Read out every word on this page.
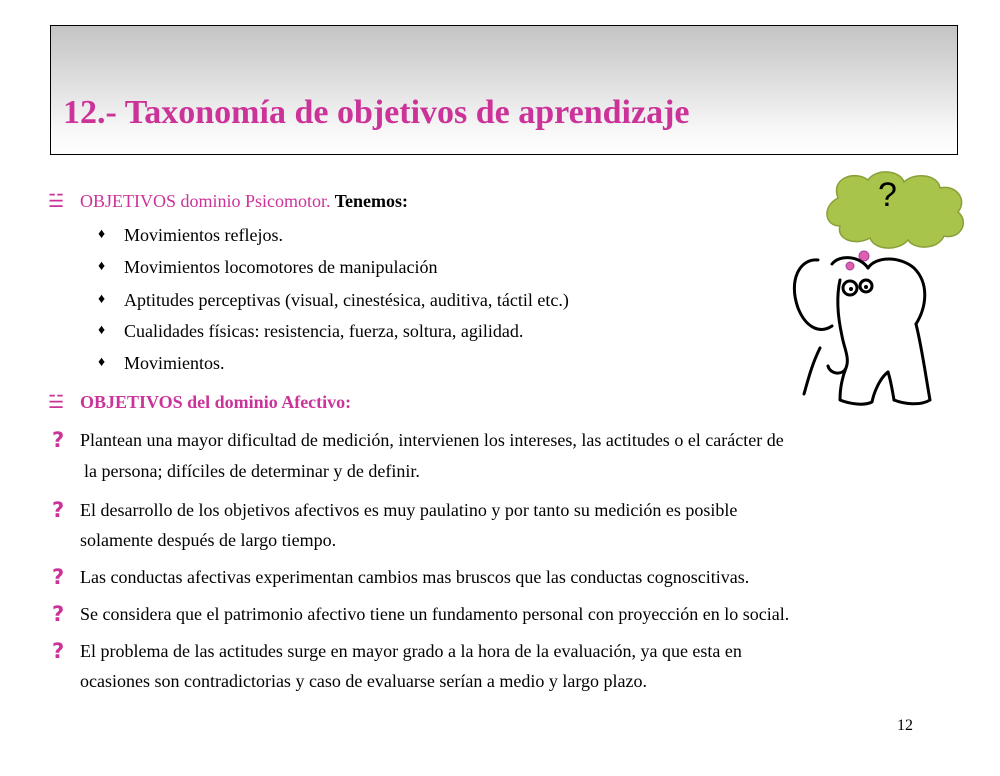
12.- Taxonomía de objetivos de aprendizaje
☱ OBJETIVOS dominio Psicomotor. Tenemos:
♦ Movimientos reflejos.
♦ Movimientos locomotores de manipulación
♦ Aptitudes perceptivas (visual, cinestésica, auditiva, táctil etc.)
♦ Cualidades físicas: resistencia, fuerza, soltura, agilidad.
♦ Movimientos.
☱ OBJETIVOS del dominio Afectivo:
? Plantean una mayor dificultad de medición, intervienen los intereses, las actitudes o el carácter de
la persona; difíciles de determinar y de definir.
? El desarrollo de los objetivos afectivos es muy paulatino y por tanto su medición es posible
solamente después de largo tiempo.
? Las conductas afectivas experimentan cambios mas bruscos que las conductas cognoscitivas.
? Se considera que el patrimonio afectivo tiene un fundamento personal con proyección en lo social.
? El problema de las actitudes surge en mayor grado a la hora de la evaluación, ya que esta en
ocasiones son contradictorias y caso de evaluarse serían a medio y largo plazo.
?
12
